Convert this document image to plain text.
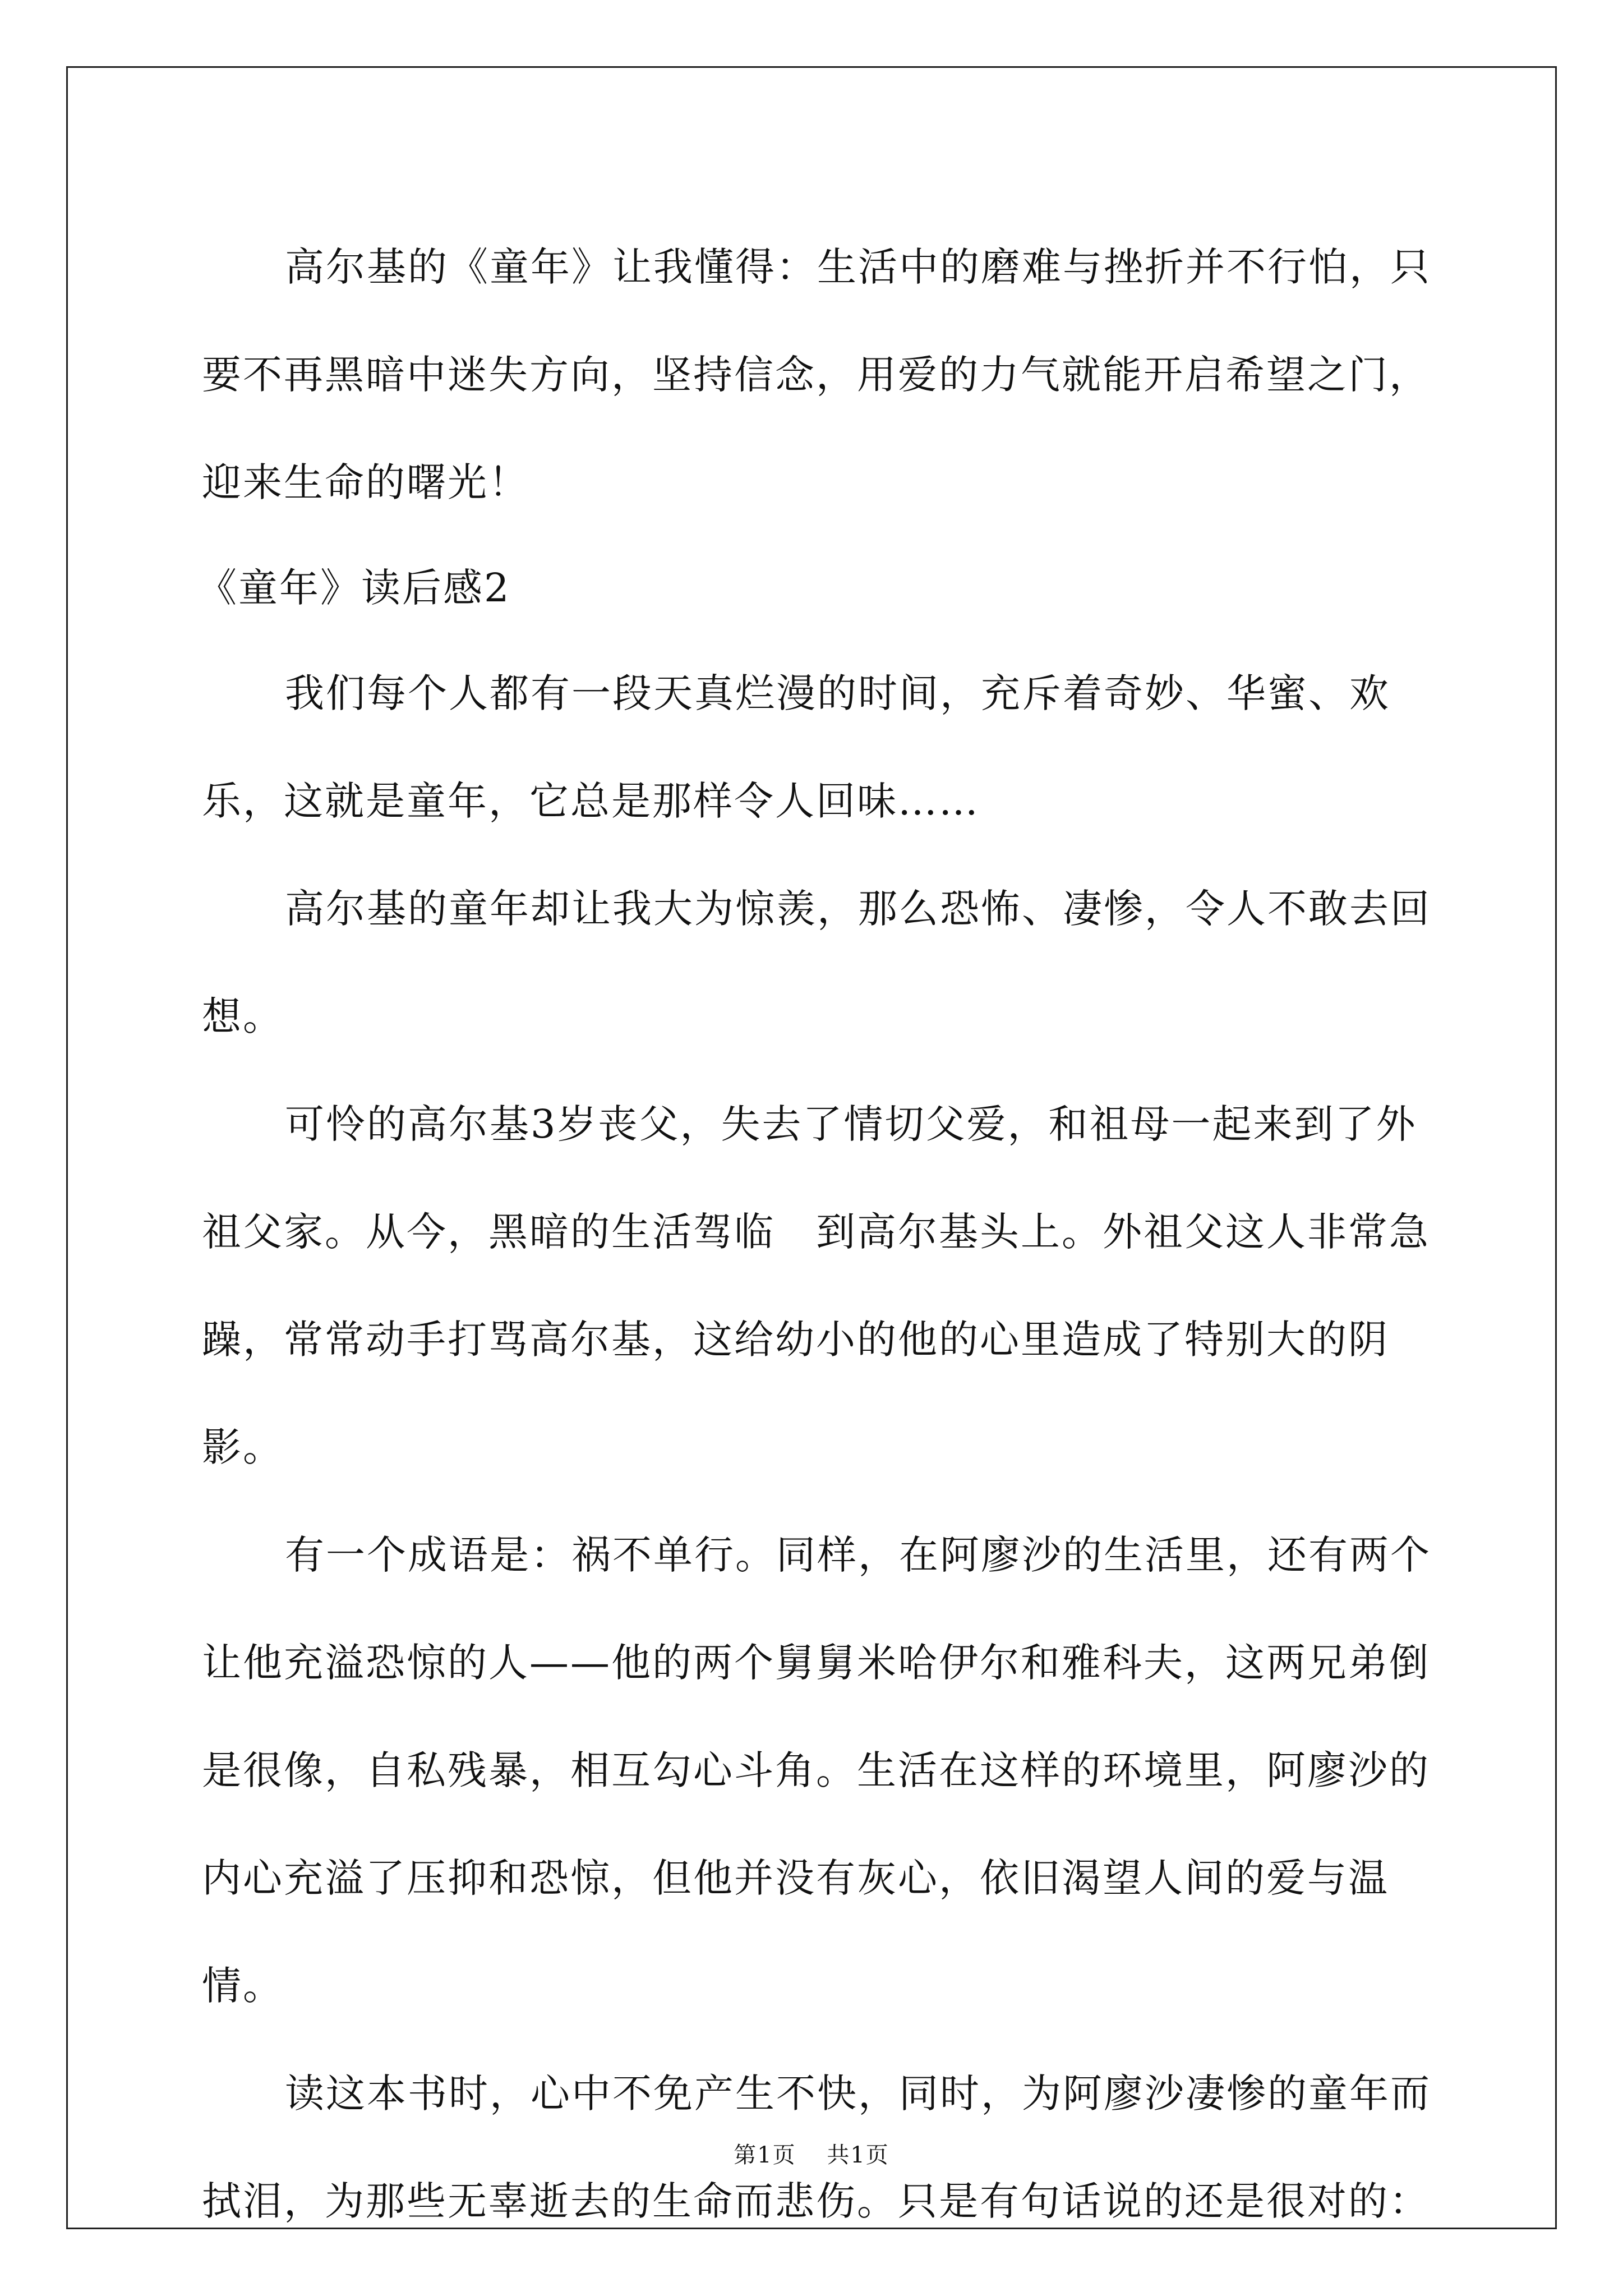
高尔基的《童年》让我懂得：生活中的磨难与挫折并不行怕，只要不再黑暗中迷失方向，坚持信念，用爱的力气就能开启希望之门，迎来生命的曙光！

《童年》读后感2

我们每个人都有一段天真烂漫的时间，充斥着奇妙、华蜜、欢乐，这就是童年，它总是那样令人回味……

高尔基的童年却让我大为惊羡，那么恐怖、凄惨，令人不敢去回想。

可怜的高尔基3岁丧父，失去了情切父爱，和祖母一起来到了外祖父家。从今，黑暗的生活驾临　到高尔基头上。外祖父这人非常急躁，常常动手打骂高尔基，这给幼小的他的心里造成了特别大的阴影。

有一个成语是：祸不单行。同样，在阿廖沙的生活里，还有两个让他充溢恐惊的人——他的两个舅舅米哈伊尔和雅科夫，这两兄弟倒是很像，自私残暴，相互勾心斗角。生活在这样的环境里，阿廖沙的内心充溢了压抑和恐惊，但他并没有灰心，依旧渴望人间的爱与温情。

读这本书时，心中不免产生不快，同时，为阿廖沙凄惨的童年而拭泪，为那些无辜逝去的生命而悲伤。只是有句话说的还是很对的：

第1页 共1页
